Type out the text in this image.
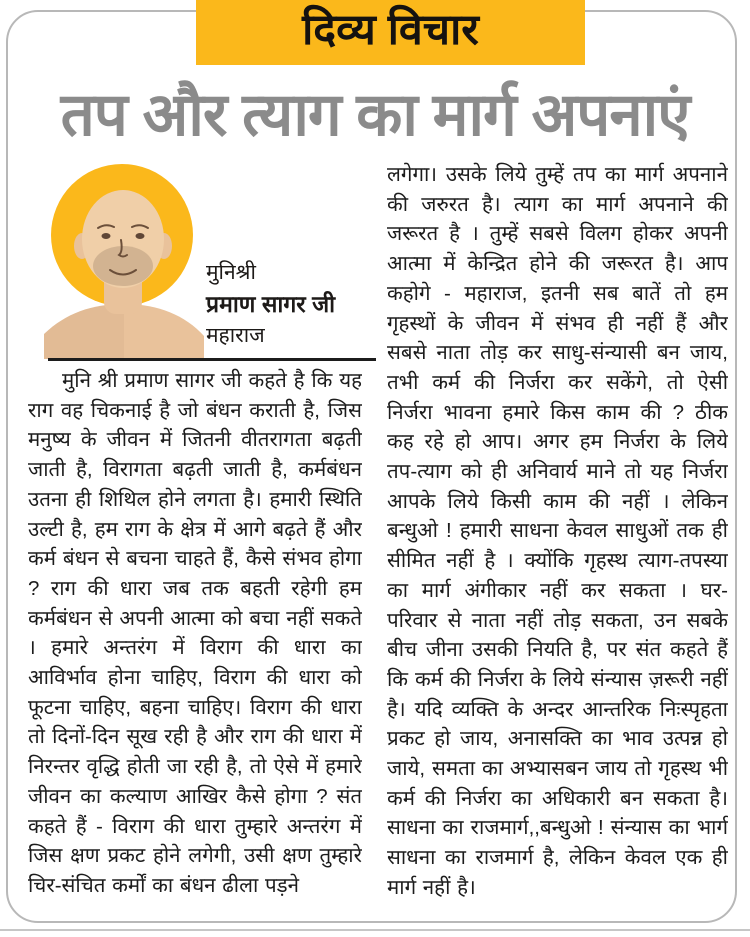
दिव्य विचार
तप और त्याग का मार्ग अपनाएं
मुनिश्री
प्रमाण सागर जी
महाराज
मुनि श्री प्रमाण सागर जी कहते है कि यह राग वह चिकनाई है जो बंधन कराती है, जिस मनुष्य के जीवन में जितनी वीतरागता बढ़ती जाती है, विरागता बढ़ती जाती है, कर्मबंधन उतना ही शिथिल होने लगता है। हमारी स्थिति उल्टी है, हम राग के क्षेत्र में आगे बढ़ते हैं और कर्म बंधन से बचना चाहते हैं, कैसे संभव होगा ? राग की धारा जब तक बहती रहेगी हम कर्मबंधन से अपनी आत्मा को बचा नहीं सकते । हमारे अन्तरंग में विराग की धारा का आविर्भाव होना चाहिए, विराग की धारा को फूटना चाहिए, बहना चाहिए। विराग की धारा तो दिनों-दिन सूख रही है और राग की धारा में निरन्तर वृद्धि होती जा रही है, तो ऐसे में हमारे जीवन का कल्याण आखिर कैसे होगा ? संत कहते हैं - विराग की धारा तुम्हारे अन्तरंग में जिस क्षण प्रकट होने लगेगी, उसी क्षण तुम्हारे चिर-संचित कर्मों का बंधन ढीला पड़ने
लगेगा। उसके लिये तुम्हें तप का मार्ग अपनाने की जरुरत है। त्याग का मार्ग अपनाने की जरूरत है । तुम्हें सबसे विलग होकर अपनी आत्मा में केन्द्रित होने की जरूरत है। आप कहोगे - महाराज, इतनी सब बातें तो हम गृहस्थों के जीवन में संभव ही नहीं हैं और सबसे नाता तोड़ कर साधु-संन्यासी बन जाय, तभी कर्म की निर्जरा कर सकेंगे, तो ऐसी निर्जरा भावना हमारे किस काम की ? ठीक कह रहे हो आप। अगर हम निर्जरा के लिये तप-त्याग को ही अनिवार्य माने तो यह निर्जरा आपके लिये किसी काम की नहीं । लेकिन बन्धुओ ! हमारी साधना केवल साधुओं तक ही सीमित नहीं है । क्योंकि गृहस्थ त्याग-तपस्या का मार्ग अंगीकार नहीं कर सकता । घर-परिवार से नाता नहीं तोड़ सकता, उन सबके बीच जीना उसकी नियति है, पर संत कहते हैं कि कर्म की निर्जरा के लिये संन्यास ज़रूरी नहीं है। यदि व्यक्ति के अन्दर आन्तरिक निःस्पृहता प्रकट हो जाय, अनासक्ति का भाव उत्पन्न हो जाये, समता का अभ्यासबन जाय तो गृहस्थ भी कर्म की निर्जरा का अधिकारी बन सकता है। साधना का राजमार्ग,,बन्धुओ ! संन्यास का भार्ग साधना का राजमार्ग है, लेकिन केवल एक ही मार्ग नहीं है।
